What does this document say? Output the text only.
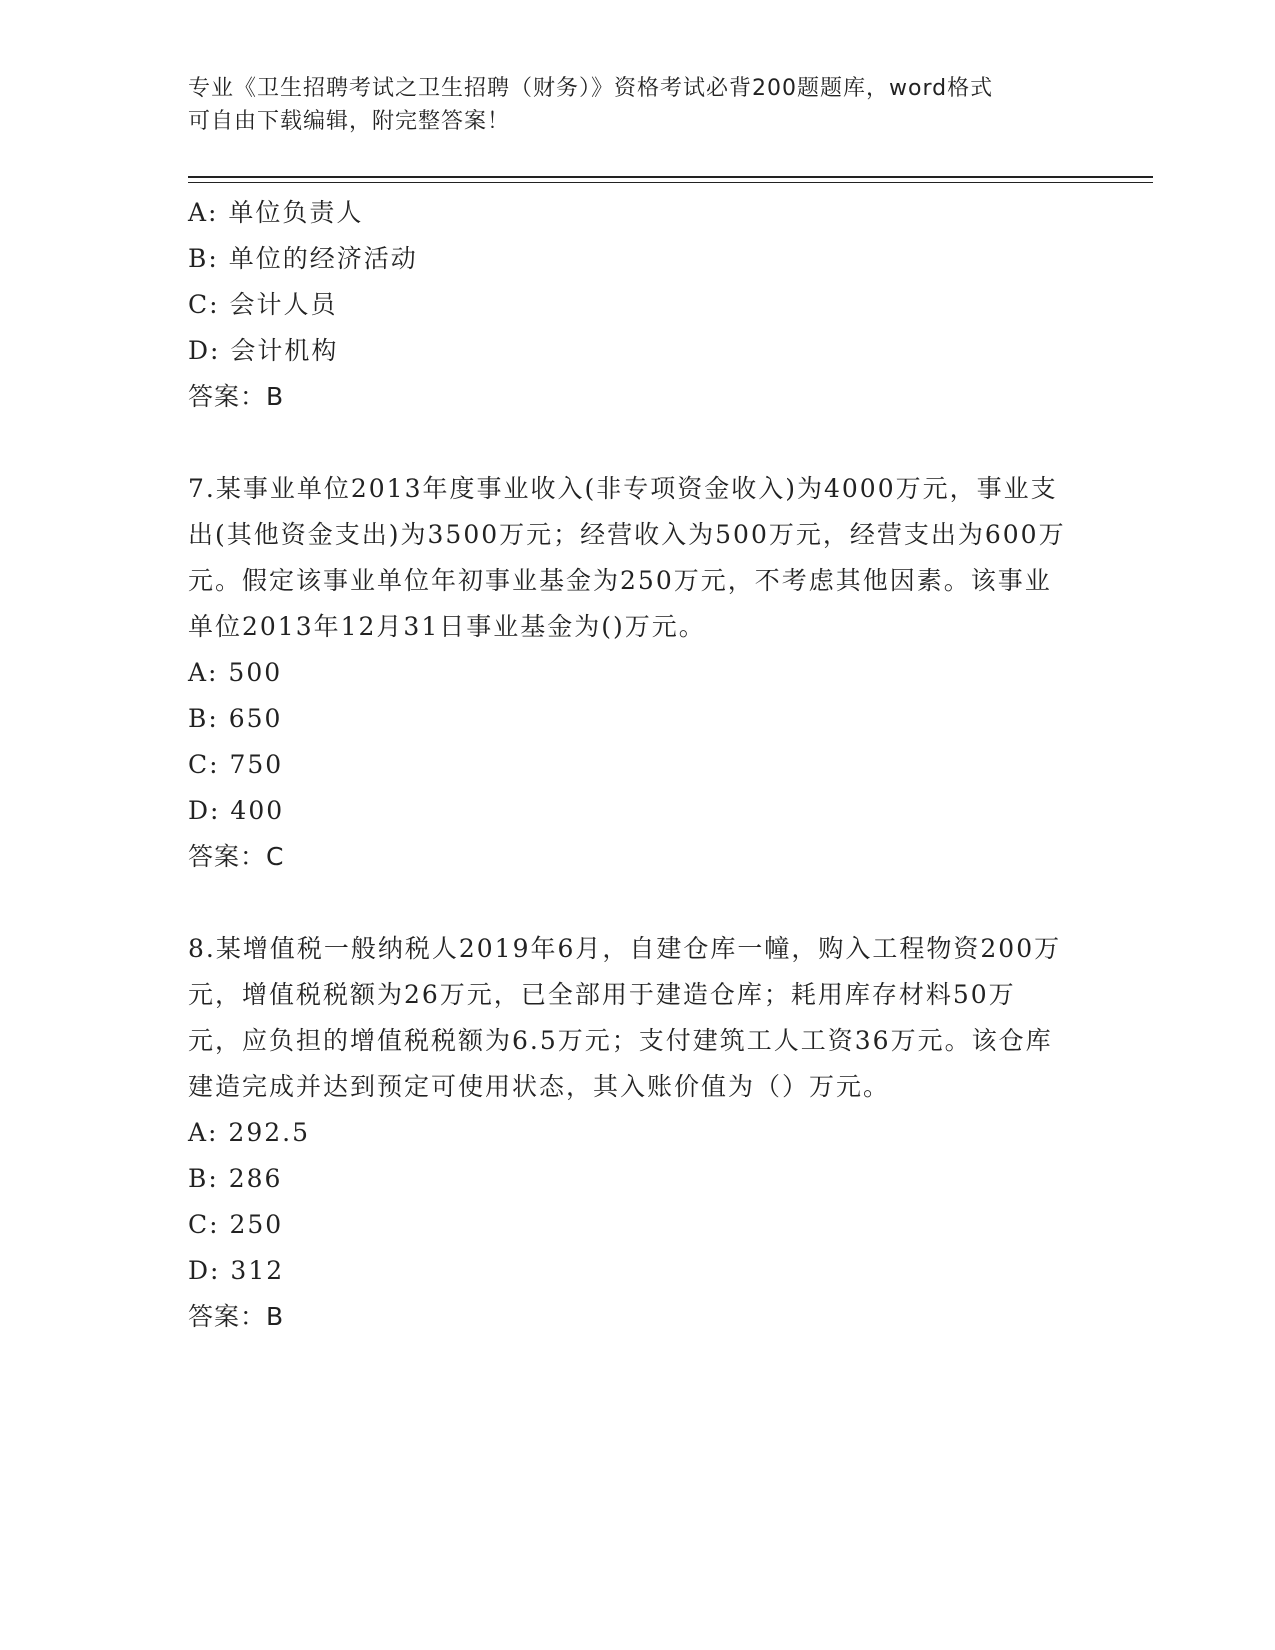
专业《卫生招聘考试之卫生招聘（财务）》资格考试必背200题题库，word格式
可自由下载编辑，附完整答案！
A: 单位负责人
B: 单位的经济活动
C: 会计人员
D: 会计机构
答案：B
7.某事业单位2013年度事业收入(非专项资金收入)为4000万元，事业支出(其他资金支出)为3500万元；经营收入为500万元，经营支出为600万元。假定该事业单位年初事业基金为250万元，不考虑其他因素。该事业单位2013年12月31日事业基金为()万元。
A: 500
B: 650
C: 750
D: 400
答案：C
8.某增值税一般纳税人2019年6月，自建仓库一幢，购入工程物资200万元，增值税税额为26万元，已全部用于建造仓库；耗用库存材料50万元，应负担的增值税税额为6.5万元；支付建筑工人工资36万元。该仓库建造完成并达到预定可使用状态，其入账价值为（）万元。
A: 292.5
B: 286
C: 250
D: 312
答案：B
